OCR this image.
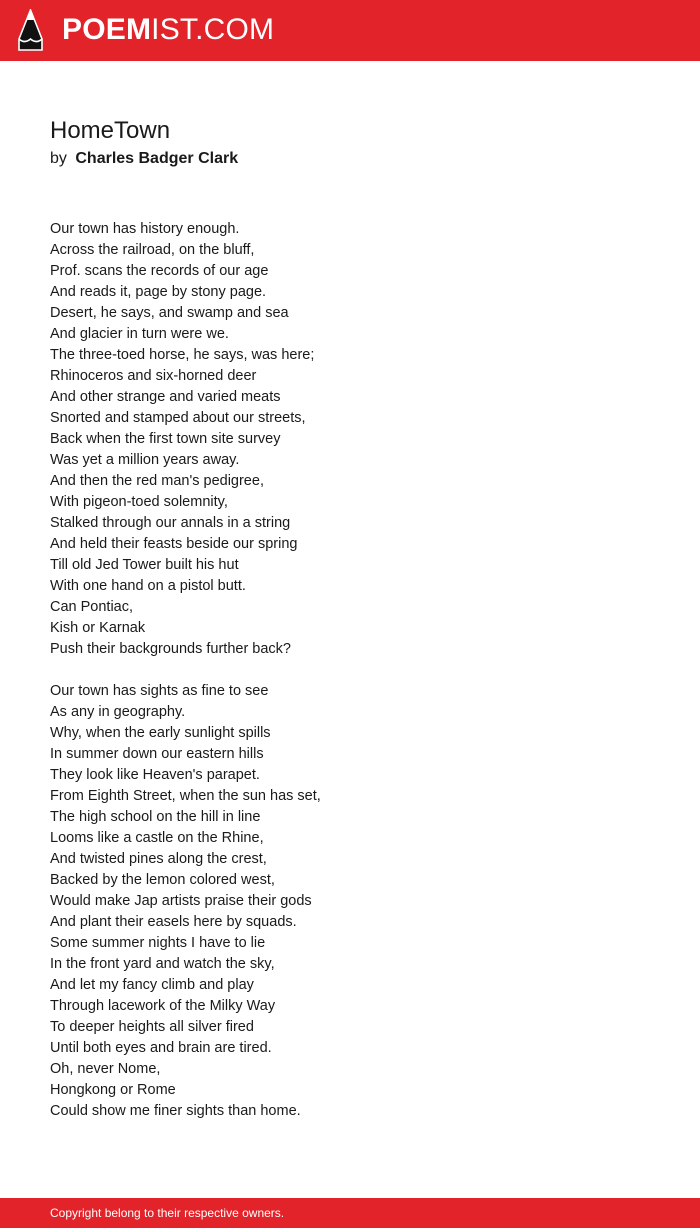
POEMIST.COM
HomeTown
by Charles Badger Clark
Our town has history enough.
Across the railroad, on the bluff,
Prof. scans the records of our age
And reads it, page by stony page.
Desert, he says, and swamp and sea
And glacier in turn were we.
The three-toed horse, he says, was here;
Rhinoceros and six-horned deer
And other strange and varied meats
Snorted and stamped about our streets,
Back when the first town site survey
Was yet a million years away.
And then the red man's pedigree,
With pigeon-toed solemnity,
Stalked through our annals in a string
And held their feasts beside our spring
Till old Jed Tower built his hut
With one hand on a pistol butt.
Can Pontiac,
Kish or Karnak
Push their backgrounds further back?
Our town has sights as fine to see
As any in geography.
Why, when the early sunlight spills
In summer down our eastern hills
They look like Heaven's parapet.
From Eighth Street, when the sun has set,
The high school on the hill in line
Looms like a castle on the Rhine,
And twisted pines along the crest,
Backed by the lemon colored west,
Would make Jap artists praise their gods
And plant their easels here by squads.
Some summer nights I have to lie
In the front yard and watch the sky,
And let my fancy climb and play
Through lacework of the Milky Way
To deeper heights all silver fired
Until both eyes and brain are tired.
Oh, never Nome,
Hongkong or Rome
Could show me finer sights than home.
Copyright belong to their respective owners.
